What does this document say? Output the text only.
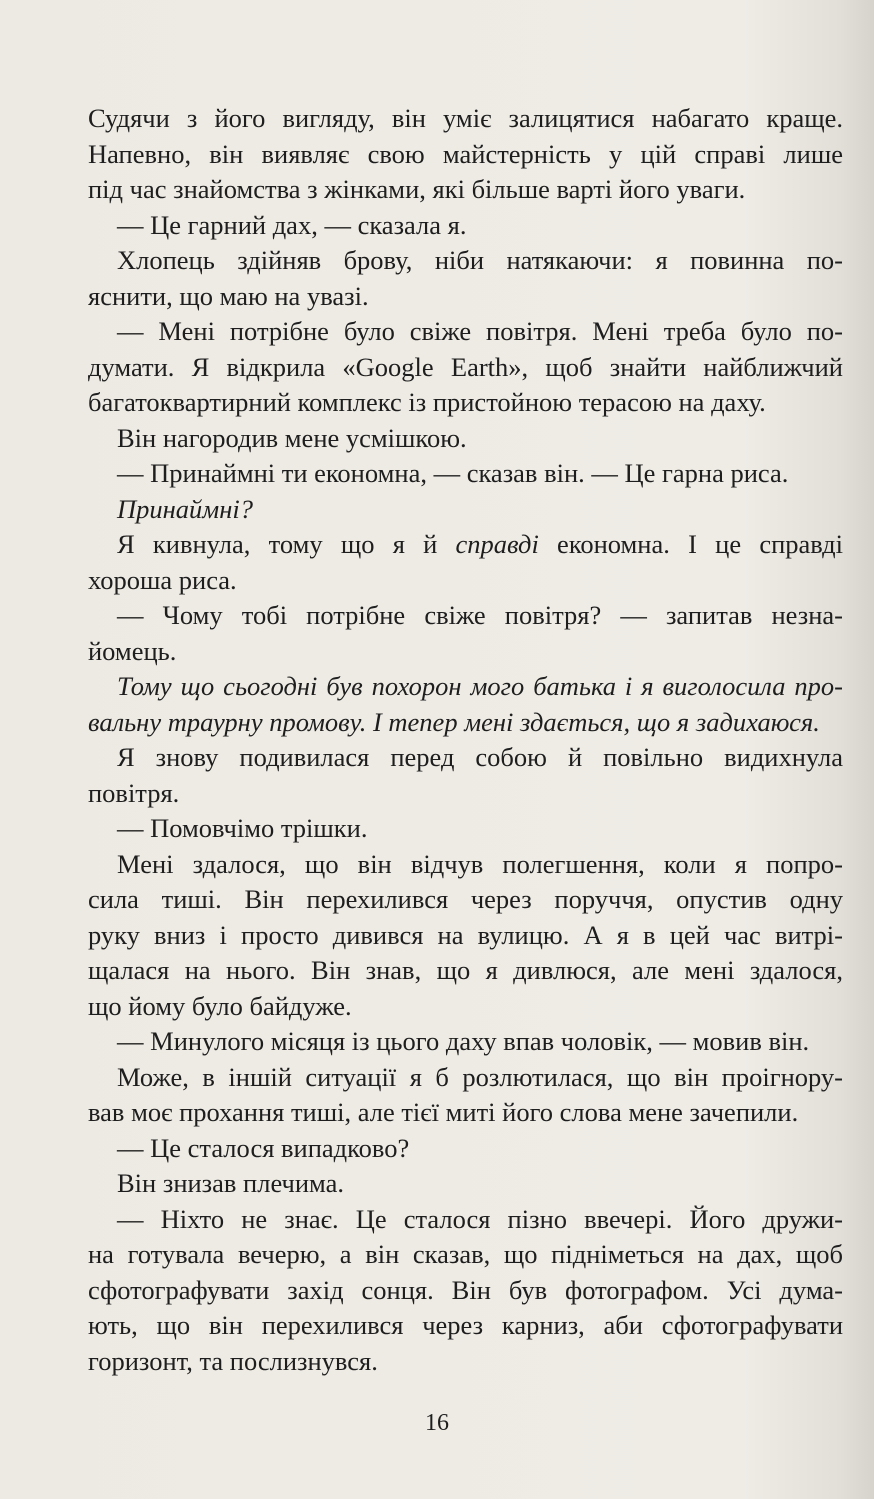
Судячи з його вигляду, він уміє залицятися набагато краще.
Напевно, він виявляє свою майстерність у цій справі лише
під час знайомства з жінками, які більше варті його уваги.
— Це гарний дах, — сказала я.
Хлопець здійняв брову, ніби натякаючи: я повинна по-
яснити, що маю на увазі.
— Мені потрібне було свіже повітря. Мені треба було по-
думати. Я відкрила «Google Earth», щоб знайти найближчий
багатоквартирний комплекс із пристойною терасою на даху.
Він нагородив мене усмішкою.
— Принаймні ти економна, — сказав він. — Це гарна риса.
Принаймні?
Я кивнула, тому що я й справді економна. І це справді
хороша риса.
— Чому тобі потрібне свіже повітря? — запитав незна-
йомець.
Тому що сьогодні був похорон мого батька і я виголосила про-
вальну траурну промову. І тепер мені здається, що я задихаюся.
Я знову подивилася перед собою й повільно видихнула
повітря.
— Помовчімо трішки.
Мені здалося, що він відчув полегшення, коли я попро-
сила тиші. Він перехилився через поруччя, опустив одну
руку вниз і просто дивився на вулицю. А я в цей час витрі-
щалася на нього. Він знав, що я дивлюся, але мені здалося,
що йому було байдуже.
— Минулого місяця із цього даху впав чоловік, — мовив він.
Може, в іншій ситуації я б розлютилася, що він проігнору-
вав моє прохання тиші, але тієї миті його слова мене зачепили.
— Це сталося випадково?
Він знизав плечима.
— Ніхто не знає. Це сталося пізно ввечері. Його дружи-
на готувала вечерю, а він сказав, що підніметься на дах, щоб
сфотографувати захід сонця. Він був фотографом. Усі дума-
ють, що він перехилився через карниз, аби сфотографувати
горизонт, та послизнувся.
16
